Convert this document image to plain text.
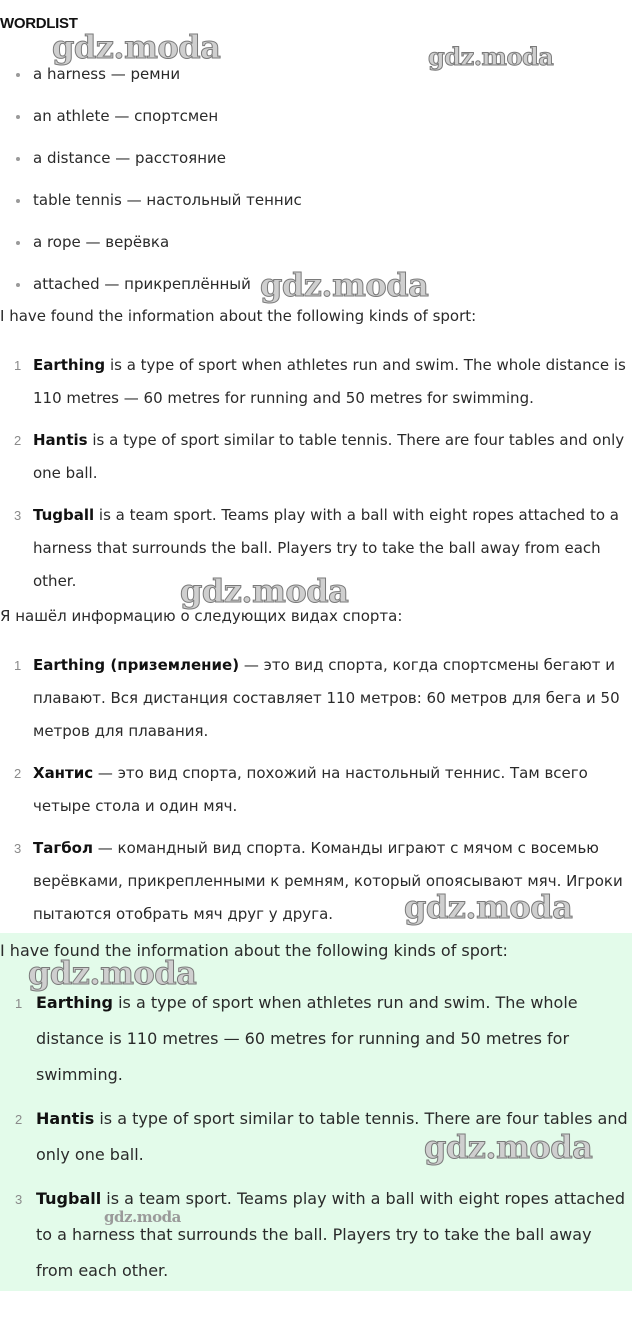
WORDLIST
a harness — ремни
an athlete — спортсмен
a distance — расстояние
table tennis — настольный теннис
a rope — верёвка
attached — прикреплённый
I have found the information about the following kinds of sport:
1 Earthing is a type of sport when athletes run and swim. The whole distance is 110 metres — 60 metres for running and 50 metres for swimming.
2 Hantis is a type of sport similar to table tennis. There are four tables and only one ball.
3 Tugball is a team sport. Teams play with a ball with eight ropes attached to a harness that surrounds the ball. Players try to take the ball away from each other.
Я нашёл информацию о следующих видах спорта:
1 Earthing (приземление) — это вид спорта, когда спортсмены бегают и плавают. Вся дистанция составляет 110 метров: 60 метров для бега и 50 метров для плавания.
2 Хантис — это вид спорта, похожий на настольный теннис. Там всего четыре стола и один мяч.
3 Тагбол — командный вид спорта. Команды играют с мячом с восемью верёвками, прикрепленными к ремням, который опоясывают мяч. Игроки пытаются отобрать мяч друг у друга.
I have found the information about the following kinds of sport:
1 Earthing is a type of sport when athletes run and swim. The whole distance is 110 metres — 60 metres for running and 50 metres for swimming.
2 Hantis is a type of sport similar to table tennis. There are four tables and only one ball.
3 Tugball is a team sport. Teams play with a ball with eight ropes attached to a harness that surrounds the ball. Players try to take the ball away from each other.
gdz.moda	gdz.moda
gdz.moda
gdz.moda
gdz.moda
gdz.moda
gdz.moda
gdz.moda
